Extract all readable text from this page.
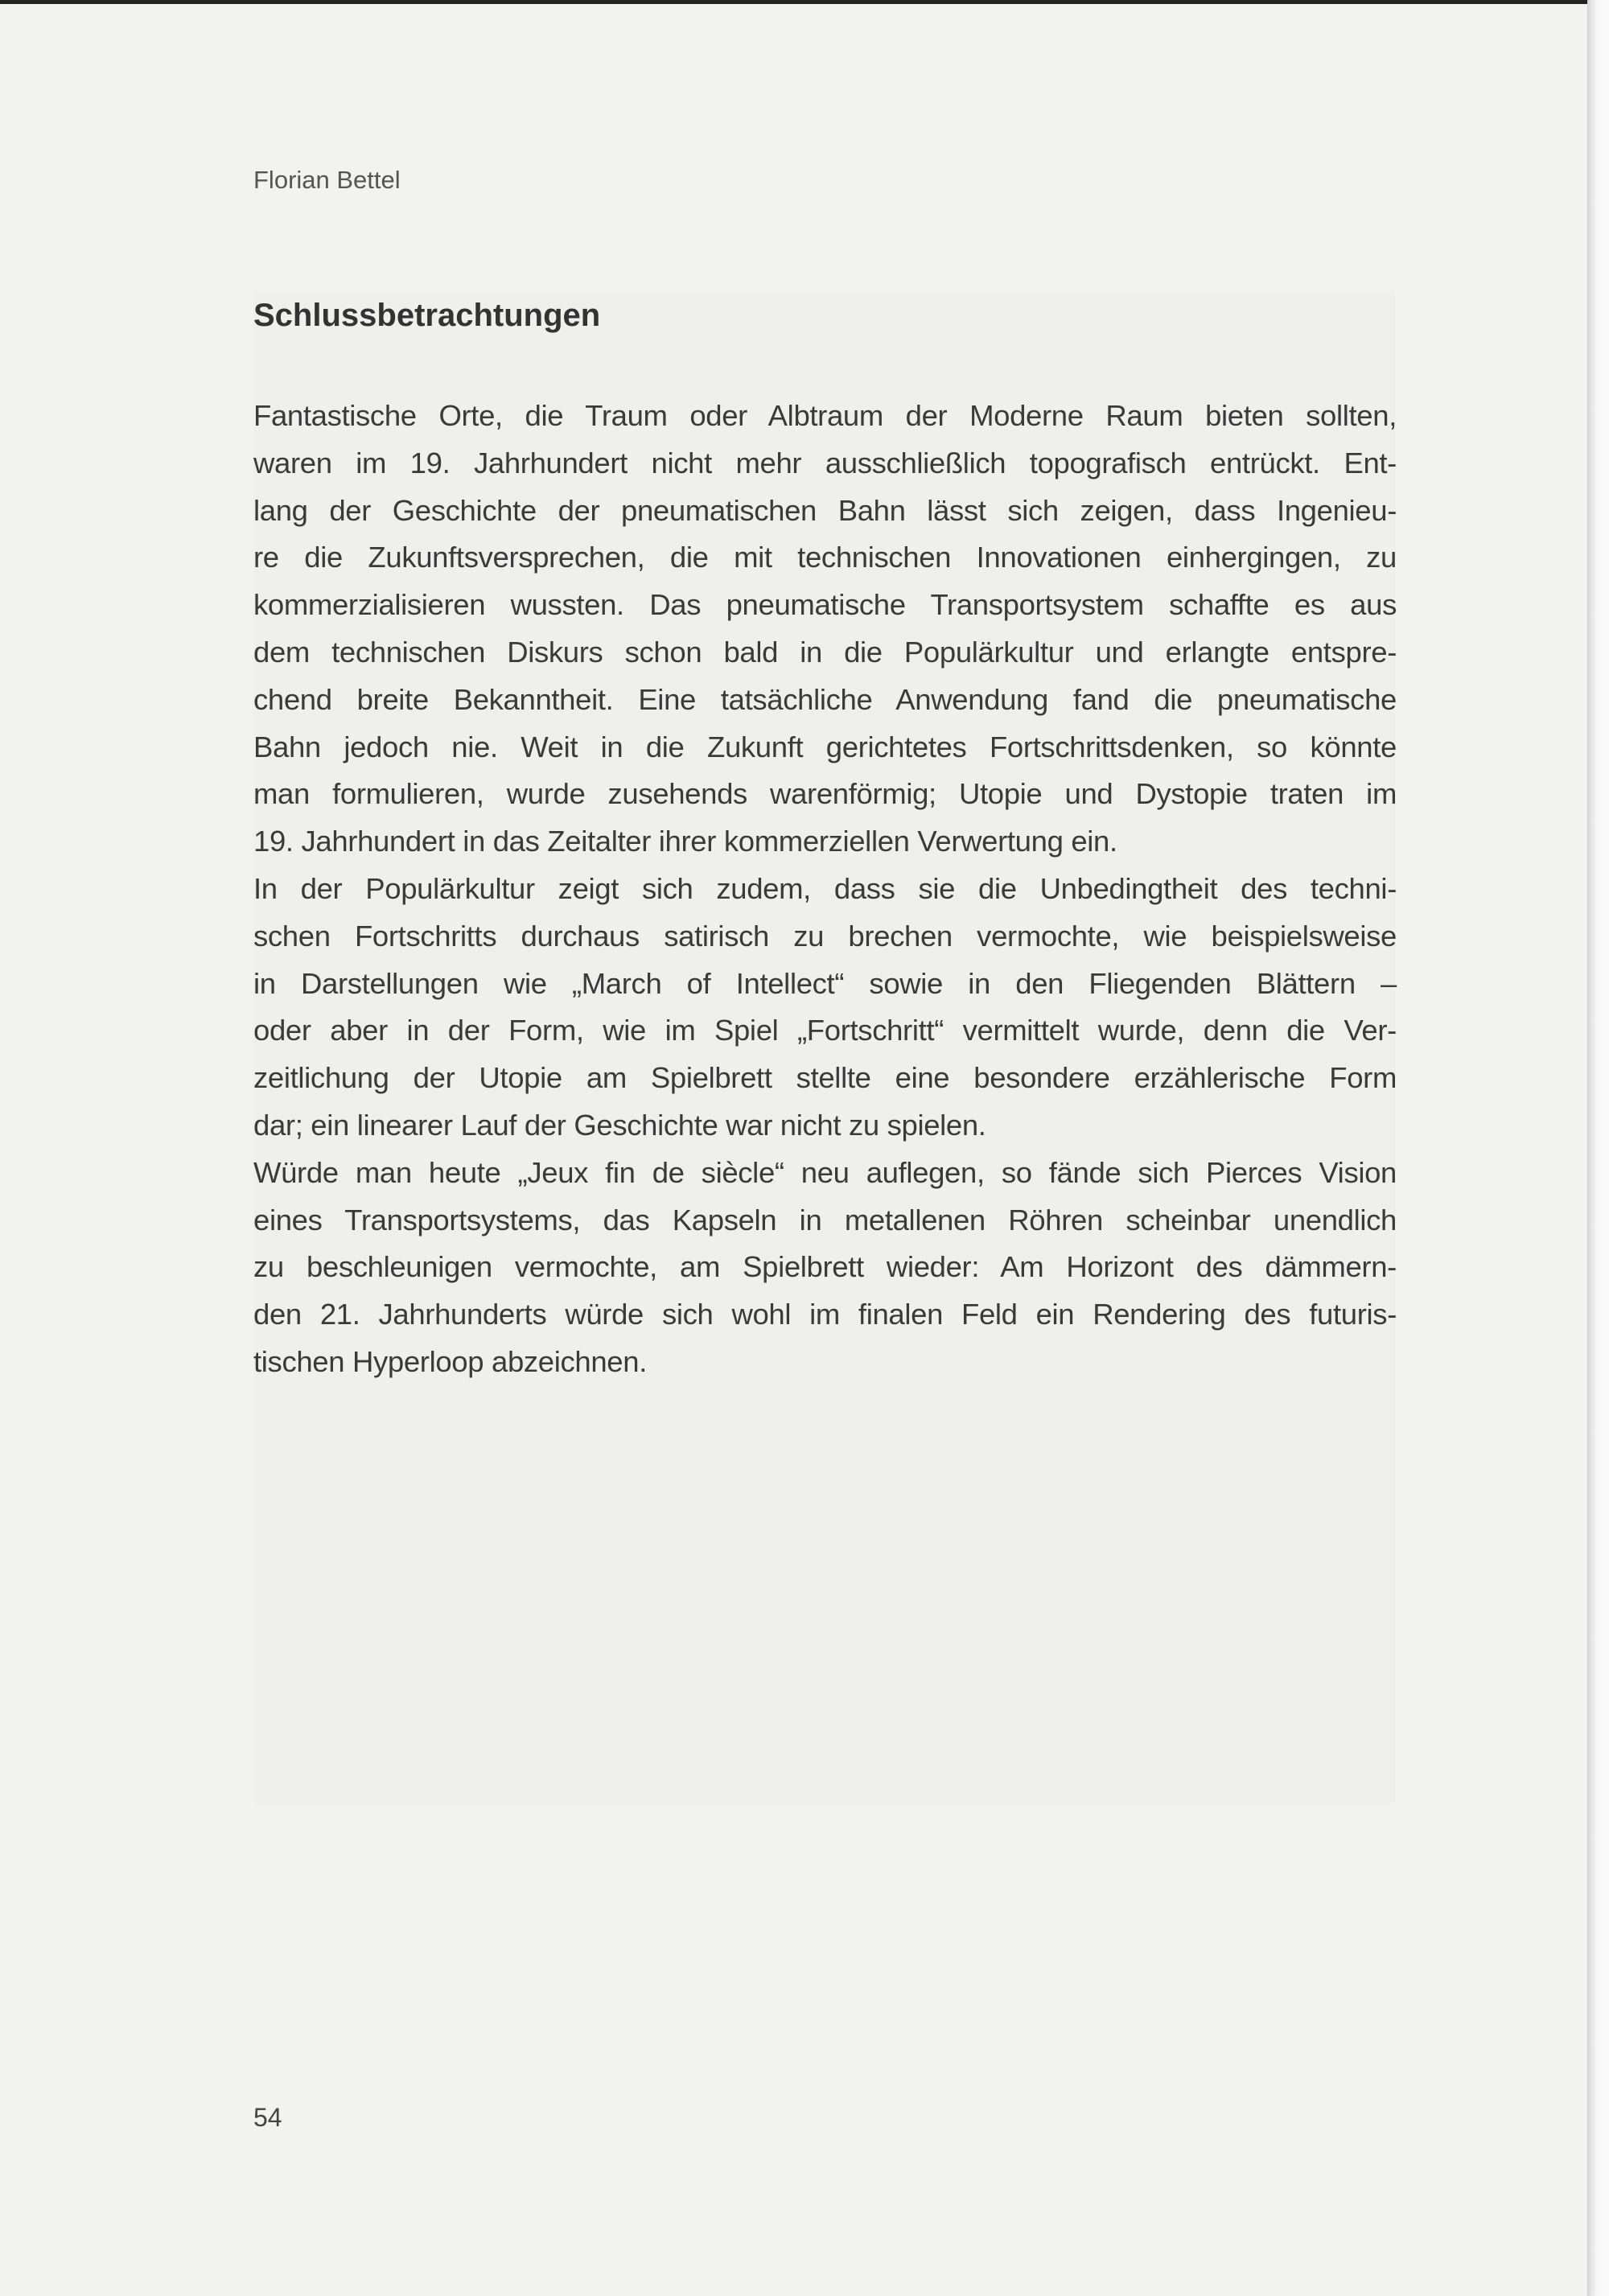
Florian Bettel
Schlussbetrachtungen
Fantastische Orte, die Traum oder Albtraum der Moderne Raum bieten sollten,
waren im 19. Jahrhundert nicht mehr ausschließlich topografisch entrückt. Ent-
lang der Geschichte der pneumatischen Bahn lässt sich zeigen, dass Ingenieu-
re die Zukunftsversprechen, die mit technischen Innovationen einhergingen, zu
kommerzialisieren wussten. Das pneumatische Transportsystem schaffte es aus
dem technischen Diskurs schon bald in die Populärkultur und erlangte entspre-
chend breite Bekanntheit. Eine tatsächliche Anwendung fand die pneumatische
Bahn jedoch nie. Weit in die Zukunft gerichtetes Fortschrittsdenken, so könnte
man formulieren, wurde zusehends warenförmig; Utopie und Dystopie traten im
19. Jahrhundert in das Zeitalter ihrer kommerziellen Verwertung ein.
In der Populärkultur zeigt sich zudem, dass sie die Unbedingtheit des techni-
schen Fortschritts durchaus satirisch zu brechen vermochte, wie beispielsweise
in Darstellungen wie „March of Intellect“ sowie in den Fliegenden Blättern –
oder aber in der Form, wie im Spiel „Fortschritt“ vermittelt wurde, denn die Ver-
zeitlichung der Utopie am Spielbrett stellte eine besondere erzählerische Form
dar; ein linearer Lauf der Geschichte war nicht zu spielen.
Würde man heute „Jeux fin de siècle“ neu auflegen, so fände sich Pierces Vision
eines Transportsystems, das Kapseln in metallenen Röhren scheinbar unendlich
zu beschleunigen vermochte, am Spielbrett wieder: Am Horizont des dämmern-
den 21. Jahrhunderts würde sich wohl im finalen Feld ein Rendering des futuris-
tischen Hyperloop abzeichnen.
54
